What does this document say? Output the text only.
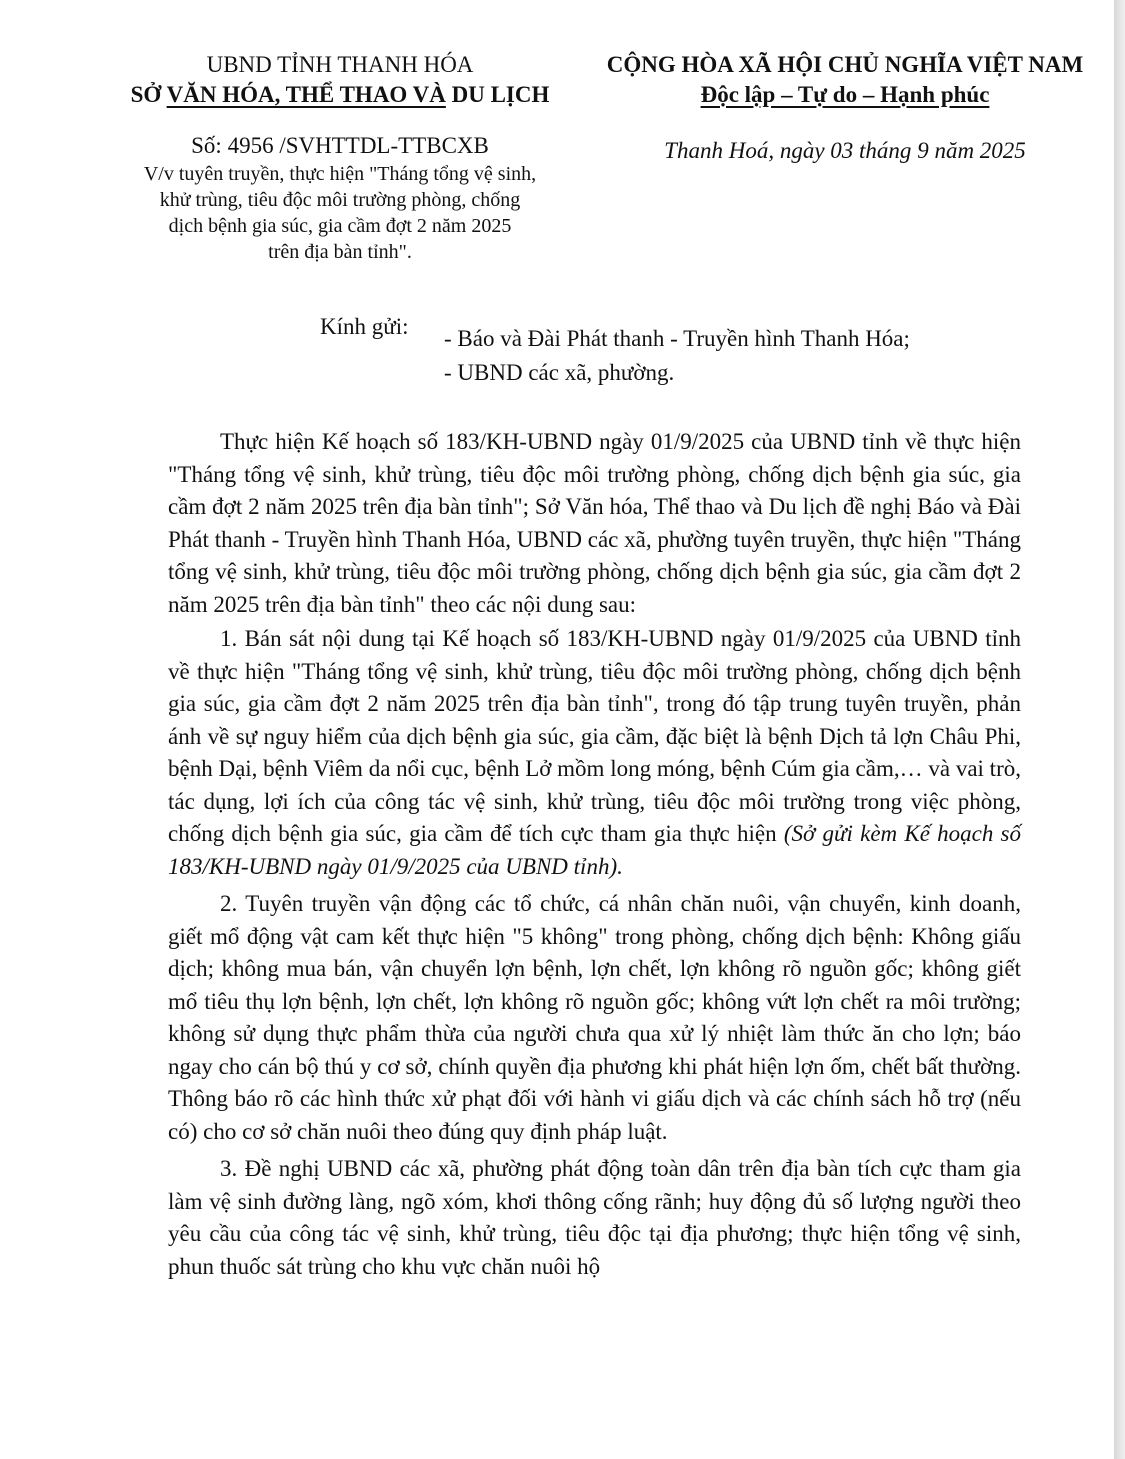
UBND TỈNH THANH HÓA
SỞ VĂN HÓA, THỂ THAO VÀ DU LỊCH
CỘNG HÒA XÃ HỘI CHỦ NGHĨA VIỆT NAM
Độc lập – Tự do – Hạnh phúc
Số: 4956 /SVHTTDL-TTBCXB
V/v tuyên truyền, thực hiện "Tháng tổng vệ sinh,
khử trùng, tiêu độc môi trường phòng, chống
dịch bệnh gia súc, gia cầm đợt 2 năm 2025
trên địa bàn tỉnh".
Thanh Hoá, ngày 03 tháng 9 năm 2025
Kính gửi: - Báo và Đài Phát thanh - Truyền hình Thanh Hóa;
- UBND các xã, phường.

Thực hiện Kế hoạch số 183/KH-UBND ngày 01/9/2025 của UBND tỉnh về thực hiện "Tháng tổng vệ sinh, khử trùng, tiêu độc môi trường phòng, chống dịch bệnh gia súc, gia cầm đợt 2 năm 2025 trên địa bàn tỉnh"; Sở Văn hóa, Thể thao và Du lịch đề nghị Báo và Đài Phát thanh - Truyền hình Thanh Hóa, UBND các xã, phường tuyên truyền, thực hiện "Tháng tổng vệ sinh, khử trùng, tiêu độc môi trường phòng, chống dịch bệnh gia súc, gia cầm đợt 2 năm 2025 trên địa bàn tỉnh" theo các nội dung sau:

1. Bán sát nội dung tại Kế hoạch số 183/KH-UBND ngày 01/9/2025 của UBND tỉnh về thực hiện "Tháng tổng vệ sinh, khử trùng, tiêu độc môi trường phòng, chống dịch bệnh gia súc, gia cầm đợt 2 năm 2025 trên địa bàn tỉnh", trong đó tập trung tuyên truyền, phản ánh về sự nguy hiểm của dịch bệnh gia súc, gia cầm, đặc biệt là bệnh Dịch tả lợn Châu Phi, bệnh Dại, bệnh Viêm da nổi cục, bệnh Lở mồm long móng, bệnh Cúm gia cầm,… và vai trò, tác dụng, lợi ích của công tác vệ sinh, khử trùng, tiêu độc môi trường trong việc phòng, chống dịch bệnh gia súc, gia cầm để tích cực tham gia thực hiện (Sở gửi kèm Kế hoạch số 183/KH-UBND ngày 01/9/2025 của UBND tỉnh).

2. Tuyên truyền vận động các tổ chức, cá nhân chăn nuôi, vận chuyển, kinh doanh, giết mổ động vật cam kết thực hiện "5 không" trong phòng, chống dịch bệnh: Không giấu dịch; không mua bán, vận chuyển lợn bệnh, lợn chết, lợn không rõ nguồn gốc; không giết mổ tiêu thụ lợn bệnh, lợn chết, lợn không rõ nguồn gốc; không vứt lợn chết ra môi trường; không sử dụng thực phẩm thừa của người chưa qua xử lý nhiệt làm thức ăn cho lợn; báo ngay cho cán bộ thú y cơ sở, chính quyền địa phương khi phát hiện lợn ốm, chết bất thường. Thông báo rõ các hình thức xử phạt đối với hành vi giấu dịch và các chính sách hỗ trợ (nếu có) cho cơ sở chăn nuôi theo đúng quy định pháp luật.

3. Đề nghị UBND các xã, phường phát động toàn dân trên địa bàn tích cực tham gia làm vệ sinh đường làng, ngõ xóm, khơi thông cống rãnh; huy động đủ số lượng người theo yêu cầu của công tác vệ sinh, khử trùng, tiêu độc tại địa phương; thực hiện tổng vệ sinh, phun thuốc sát trùng cho khu vực chăn nuôi hộ
